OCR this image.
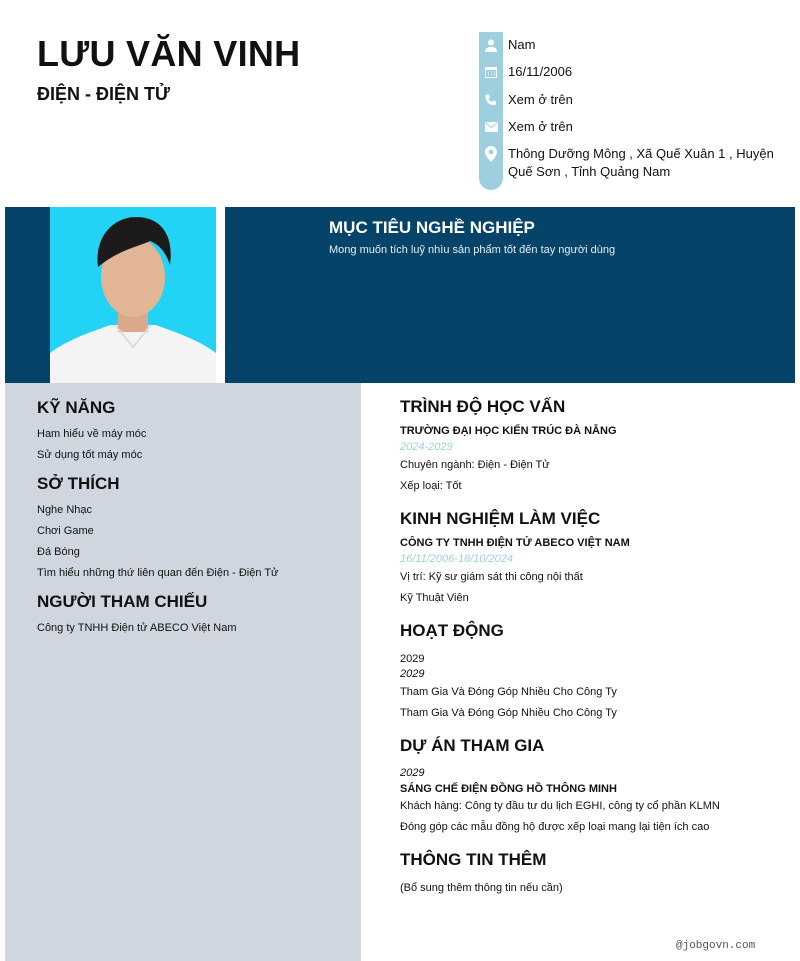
LƯU VĂN VINH
ĐIỆN - ĐIỆN TỬ
Nam
16/11/2006
Xem ở trên
Xem ở trên
Thông Dưỡng Mông , Xã Quế Xuân 1 , Huyện Quế Sơn , Tỉnh Quảng Nam
MỤC TIÊU NGHỀ NGHIỆP
Mong muốn tích luỹ nhìu sản phẩm tốt đến tay người dùng
KỸ NĂNG
Ham hiểu về máy móc
Sử dụng tốt máy móc
SỞ THÍCH
Nghe Nhạc
Chơi Game
Đá Bóng
Tìm hiểu những thứ liên quan đến Điện - Điện Tử
NGƯỜI THAM CHIẾU
Công ty TNHH Điện tử ABECO Việt Nam
TRÌNH ĐỘ HỌC VẤN
TRƯỜNG ĐẠI HỌC KIẾN TRÚC ĐÀ NẴNG
2024-2029
Chuyên ngành: Điện - Điện Tử
Xếp loại: Tốt
KINH NGHIỆM LÀM VIỆC
CÔNG TY TNHH ĐIỆN TỬ ABECO VIỆT NAM
16/11/2006-18/10/2024
Vị trí: Kỹ sư giám sát thi công nội thất
Kỹ Thuật Viên
HOẠT ĐỘNG
2029
2029
Tham Gia Và Đóng Góp Nhiều Cho Công Ty
Tham Gia Và Đóng Góp Nhiều Cho Công Ty
DỰ ÁN THAM GIA
2029
SÁNG CHẾ ĐIỆN ĐỒNG HỒ THÔNG MINH
Khách hàng: Công ty đầu tư du lịch EGHI, công ty cổ phần KLMN
Đóng góp các mẫu đồng hộ được xếp loại mang lại tiện ích cao
THÔNG TIN THÊM
(Bổ sung thêm thông tin nếu cần)
@jobgovn.com
